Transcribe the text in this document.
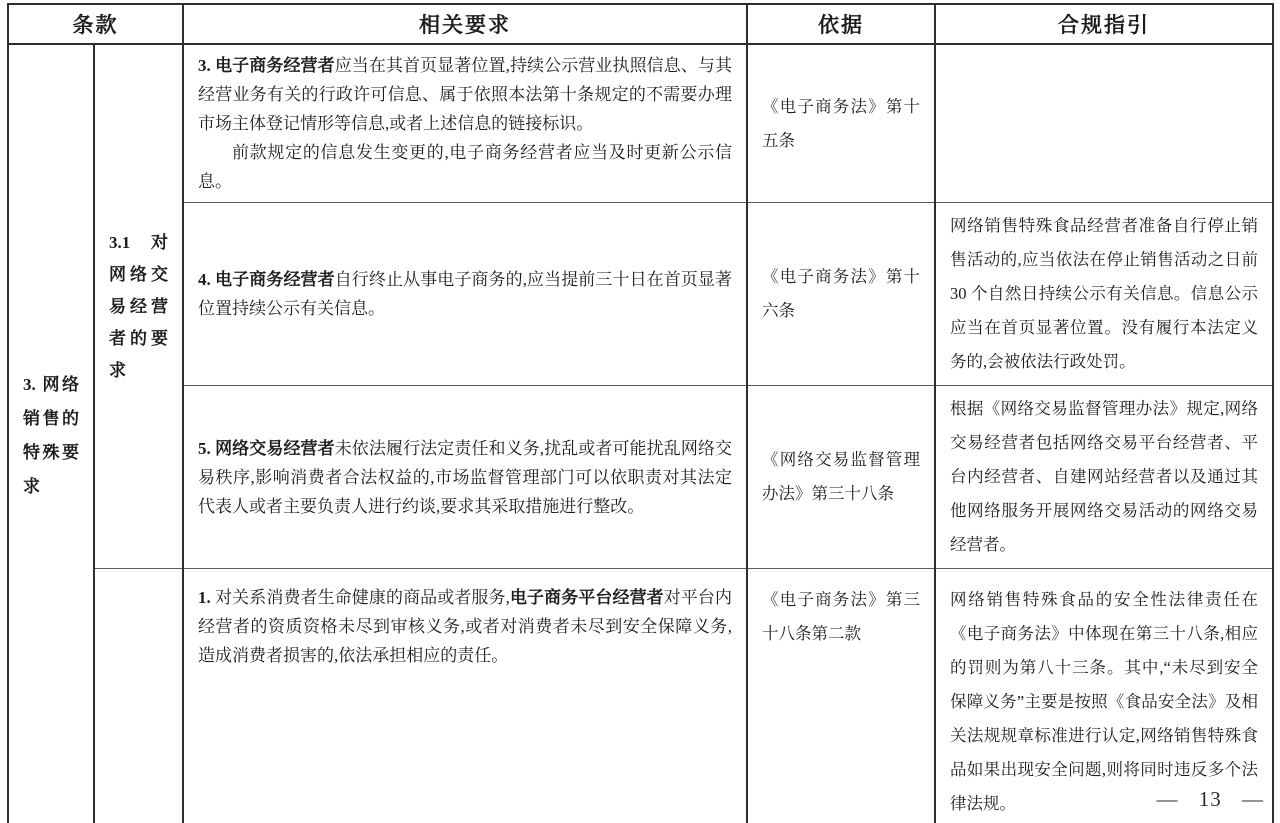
条款		相关要求	依据	合规指引
3. 网络销售的特殊要求	3.1 对网络交易经营者的要求	3. 电子商务经营者应当在其首页显著位置,持续公示营业执照信息、与其经营业务有关的行政许可信息、属于依照本法第十条规定的不需要办理市场主体登记情形等信息,或者上述信息的链接标识。

前款规定的信息发生变更的,电子商务经营者应当及时更新公示信息。	《电子商务法》第十五条	

		4. 电子商务经营者自行终止从事电子商务的,应当提前三十日在首页显著位置持续公示有关信息。	《电子商务法》第十六条	网络销售特殊食品经营者准备自行停止销售活动的,应当依法在停止销售活动之日前 30 个自然日持续公示有关信息。信息公示应当在首页显著位置。没有履行本法定义务的,会被依法行政处罚。

		5. 网络交易经营者未依法履行法定责任和义务,扰乱或者可能扰乱网络交易秩序,影响消费者合法权益的,市场监督管理部门可以依职责对其法定代表人或者主要负责人进行约谈,要求其采取措施进行整改。	《网络交易监督管理办法》第三十八条	根据《网络交易监督管理办法》规定,网络交易经营者包括网络交易平台经营者、平台内经营者、自建网站经营者以及通过其他网络服务开展网络交易活动的网络交易经营者。

		1. 对关系消费者生命健康的商品或者服务,电子商务平台经营者对平台内经营者的资质资格未尽到审核义务,或者对消费者未尽到安全保障义务,造成消费者损害的,依法承担相应的责任。	《电子商务法》第三十八条第二款	网络销售特殊食品的安全性法律责任在《电子商务法》中体现在第三十八条,相应的罚则为第八十三条。其中,“未尽到安全保障义务”主要是按照《食品安全法》及相关法规规章标准进行认定,网络销售特殊食品如果出现安全问题,则将同时违反多个法律法规。	— 13 —
